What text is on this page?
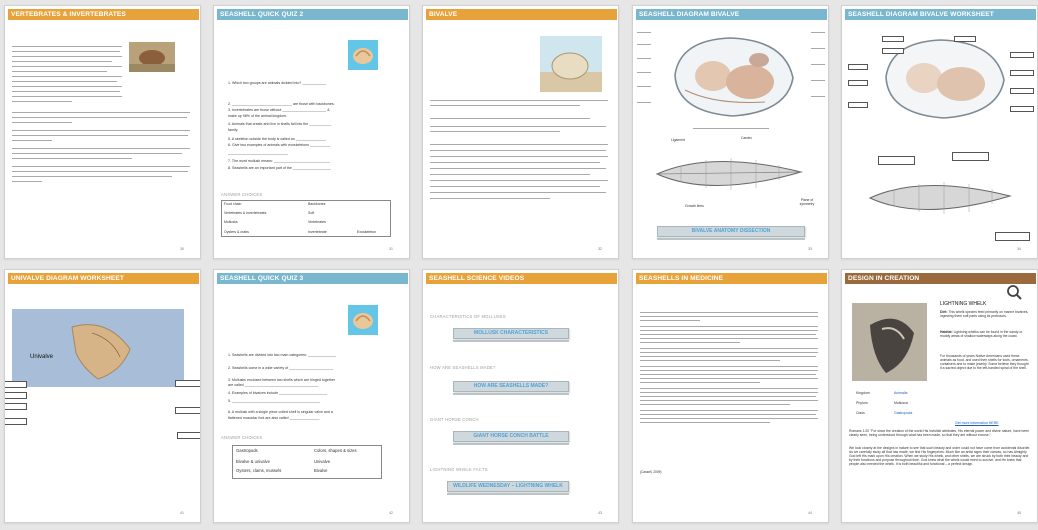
VERTEBRATES & INVERTEBRATES
30
SEASHELL QUICK QUIZ 2
1. Which two groups are animals divided into? ____________
2. ______________________________ are those with backbones.
3. Invertebrates are those without ______________________ &
make up 98% of the animal kingdom.
4. Animals that create and live in shells fall into the ___________
family.
5. A skeleton outside the body is called an _______________
6. Give two examples of animals with exoskeletons __________
______________________________
7. The word mollusk means: ____________________________
8. Seashells are an important part of the ___________________
ANSWER CHOICES
Food chain	Backbones
Vertebrates & invertebrates	Soft
Mollusks	Vertebrates
Oysters & crabs	Invertebrate	Exoskeleton
31
BIVALVE
32
SEASHELL DIAGRAM BIVALVE
Ligament	Cardex
Growth lines
Plane of symmetry
BIVALVE ANATOMY DISSECTION
33
SEASHELL DIAGRAM BIVALVE WORKSHEET
34
UNIVALVE DIAGRAM WORKSHEET
Univalve
41
SEASHELL QUICK QUIZ 3
1. Seashells are divided into two main categories: ______________
2. Seashells come in a wide variety of ______________________
3. Mollusks enclosed between two shells which are hinged together
are called _____________________________________
4. Examples of bivalves include ________________________
5. ____________________________________________
6. A mollusk with a single piece coiled shell is singular valve and a
flattened muscular foot are also called _______________
ANSWER CHOICES
Gastropods	Colors, shapes & sizes
Bivalve & univalve	Univalve
Oysters, clams, mussels	Bivalve
42
SEASHELL SCIENCE VIDEOS
CHARACTERISTICS OF MOLLUSKS
MOLLUSK CHARACTERISTICS
HOW ARE SEASHELLS MADE?
HOW ARE SEASHELLS MADE?
GIANT HORSE CONCH
GIANT HORSE CONCH BATTLE
LIGHTNING WHELK FACTS
WILDLIFE WEDNESDAY – LIGHTNING WHELK
43
SEASHELLS IN MEDICINE
(Cassell, 2009)
44
DESIGN IN CREATION
LIGHTNING WHELK
Diet: This whelk species feed primarily on marine bivalves, ingesting them soft parts using its proboscis.
Habitat: Lightning whelks can be found in the sandy or muddy areas of shallow waterways along the coast.
For thousands of years Native Americans used these animals as food, and used their shells for tools, ornaments, containers and to make jewelry. Some believe they thought it a sacred object due to the left-handed spiral of the shell.
Kingdom	Animalia
Phylum	Mollusca
Class	Gastropoda
Get more information HERE
Romans 1:20 "For since the creation of the world His invisible attributes, His eternal power and divine nature, have been clearly seen, being understood through what has been made, so that they are without excuse."
We look closely at the designs in nature to see that such beauty and order could not have come from accidental disorder. As we carefully study all that has made, we find His fingerprints. Much like an artist signs their canvas, so has Almighty God left His mark upon His creation. When we study His whelk, and other shells, we are struck by both their beauty and by their functions and purpose throughout time. God knew what the whelk would need to survive, and He knew that people also needed the whelk. It is both beautiful and functional – a perfect design.
45
